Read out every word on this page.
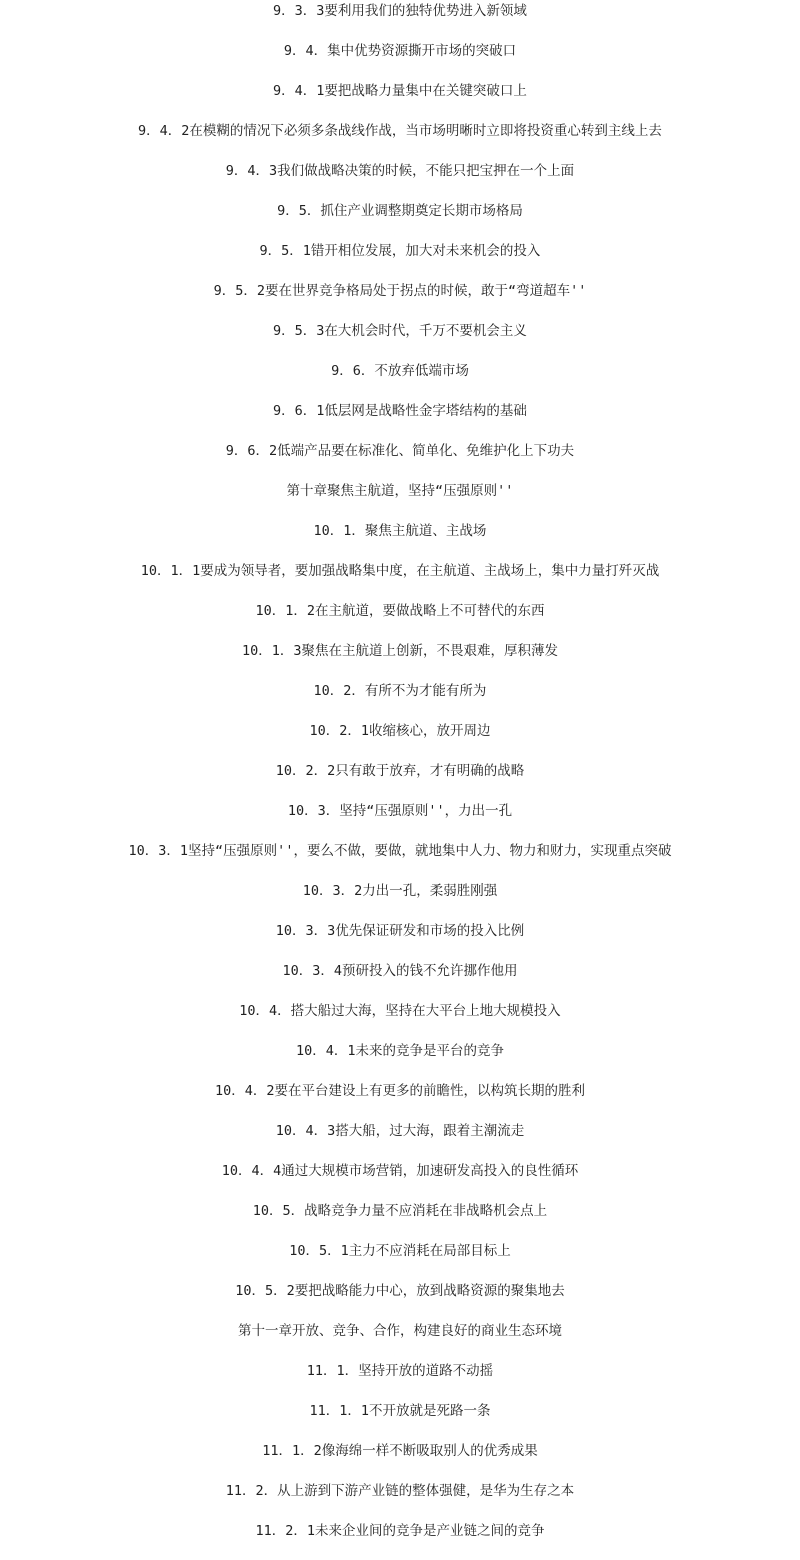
9．3．3要利用我们的独特优势进入新领域
9．4．集中优势资源撕开市场的突破口
9．4．1要把战略力量集中在关键突破口上
9．4．2在模糊的情况下必须多条战线作战，当市场明晰时立即将投资重心转到主线上去
9．4．3我们做战略决策的时候，不能只把宝押在一个上面
9．5．抓住产业调整期奠定长期市场格局
9．5．1错开相位发展，加大对未来机会的投入
9．5．2要在世界竞争格局处于拐点的时候，敢于“弯道超车''
9．5．3在大机会时代，千万不要机会主义
9．6．不放弃低端市场
9．6．1低层网是战略性金字塔结构的基础
9．6．2低端产品要在标准化、简单化、免维护化上下功夫
第十章聚焦主航道，坚持“压强原则''
10．1．聚焦主航道、主战场
10．1．1要成为领导者，要加强战略集中度，在主航道、主战场上，集中力量打歼灭战
10．1．2在主航道，要做战略上不可替代的东西
10．1．3聚焦在主航道上创新，不畏艰难，厚积薄发
10．2．有所不为才能有所为
10．2．1收缩核心，放开周边
10．2．2只有敢于放弃，才有明确的战略
10．3．坚持“压强原则''，力出一孔
10．3．1坚持“压强原则''，要么不做，要做，就地集中人力、物力和财力，实现重点突破
10．3．2力出一孔，柔弱胜刚强
10．3．3优先保证研发和市场的投入比例
10．3．4预研投入的钱不允许挪作他用
10．4．搭大船过大海，坚持在大平台上地大规模投入
10．4．1未来的竞争是平台的竞争
10．4．2要在平台建设上有更多的前瞻性，以构筑长期的胜利
10．4．3搭大船，过大海，跟着主潮流走
10．4．4通过大规模市场营销，加速研发高投入的良性循环
10．5．战略竞争力量不应消耗在非战略机会点上
10．5．1主力不应消耗在局部目标上
10．5．2要把战略能力中心，放到战略资源的聚集地去
第十一章开放、竞争、合作，构建良好的商业生态环境
11．1．坚持开放的道路不动摇
11．1．1不开放就是死路一条
11．1．2像海绵一样不断吸取别人的优秀成果
11．2．从上游到下游产业链的整体强健，是华为生存之本
11．2．1未来企业间的竞争是产业链之间的竞争
